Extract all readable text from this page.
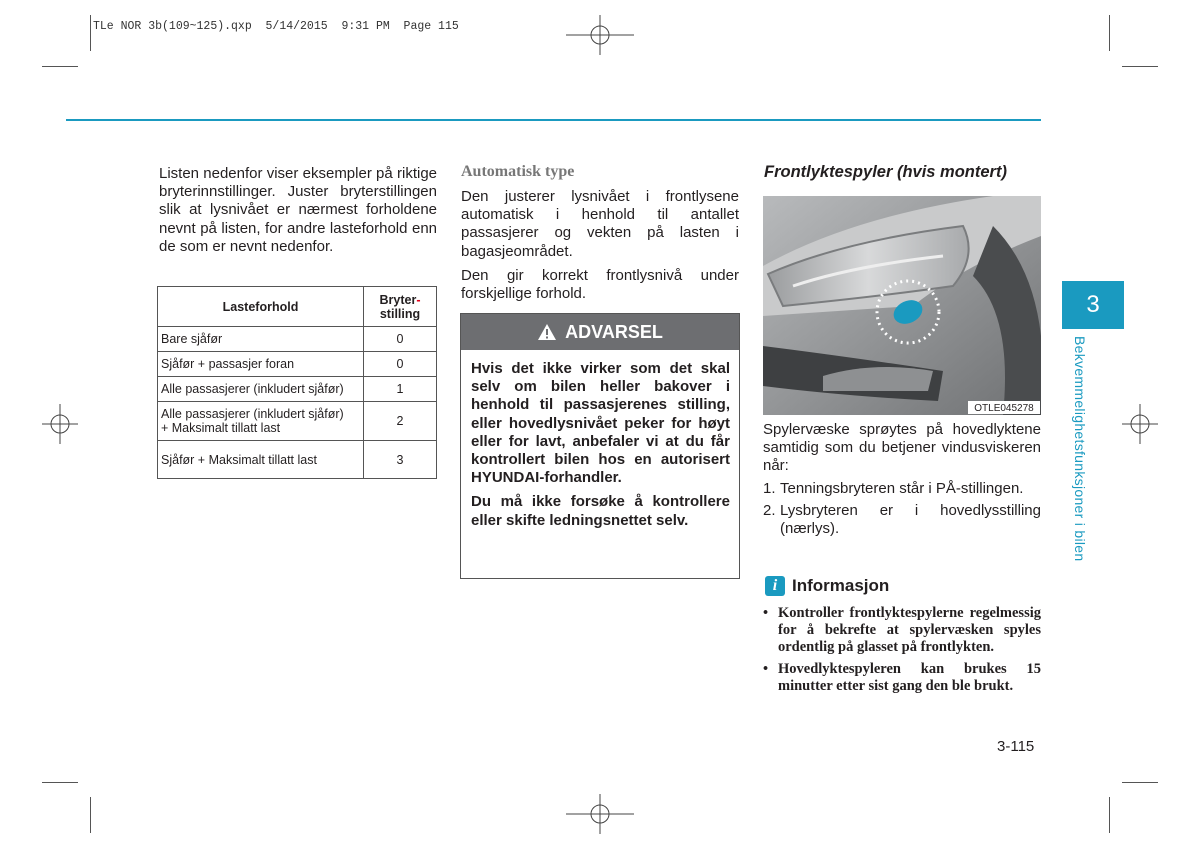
TLe NOR 3b(109~125).qxp  5/14/2015  9:31 PM  Page 115
Listen nedenfor viser eksempler på riktige bryterinnstillinger. Juster bryterstillingen slik at lysnivået er nærmest forholdene nevnt på listen, for andre lasteforhold enn de som er nevnt nedenfor.
Lasteforhold	Bryter-
stilling
Bare sjåfør	0
Sjåfør + passasjer foran	0
Alle passasjerer (inkludert sjåfør)	1
Alle passasjerer (inkludert sjåfør)
+ Maksimalt tillatt last	2
Sjåfør + Maksimalt tillatt last	3
Automatisk type

Den justerer lysnivået i frontlysene automatisk i henhold til antallet passasjerer og vekten på lasten i bagasjeområdet.

Den gir korrekt frontlysnivå under forskjellige forhold.

ADVARSEL

Hvis det ikke virker som det skal selv om bilen heller bakover i henhold til passasjerenes stilling, eller hovedlysnivået peker for høyt eller for lavt, anbefaler vi at du får kontrollert bilen hos en autorisert HYUNDAI-forhandler.

Du må ikke forsøke å kontrollere eller skifte ledningsnettet selv.

Frontlyktespyler (hvis montert)
OTLE045278

Spylervæske sprøytes på hovedlyktene samtidig som du betjener vindusviskeren når:

1. Tenningsbryteren står i PÅ-stillingen.
2. Lysbryteren er i hovedlysstilling (nærlys).
i Informasjon
• Kontroller frontlyktespylerne regelmessig for å bekrefte at spylervæsken spyles ordentlig på glasset på frontlykten.
• Hovedlyktespyleren kan brukes 15 minutter etter sist gang den ble brukt.
3-115
3
Bekvemmelighetsfunksjoner i bilen
